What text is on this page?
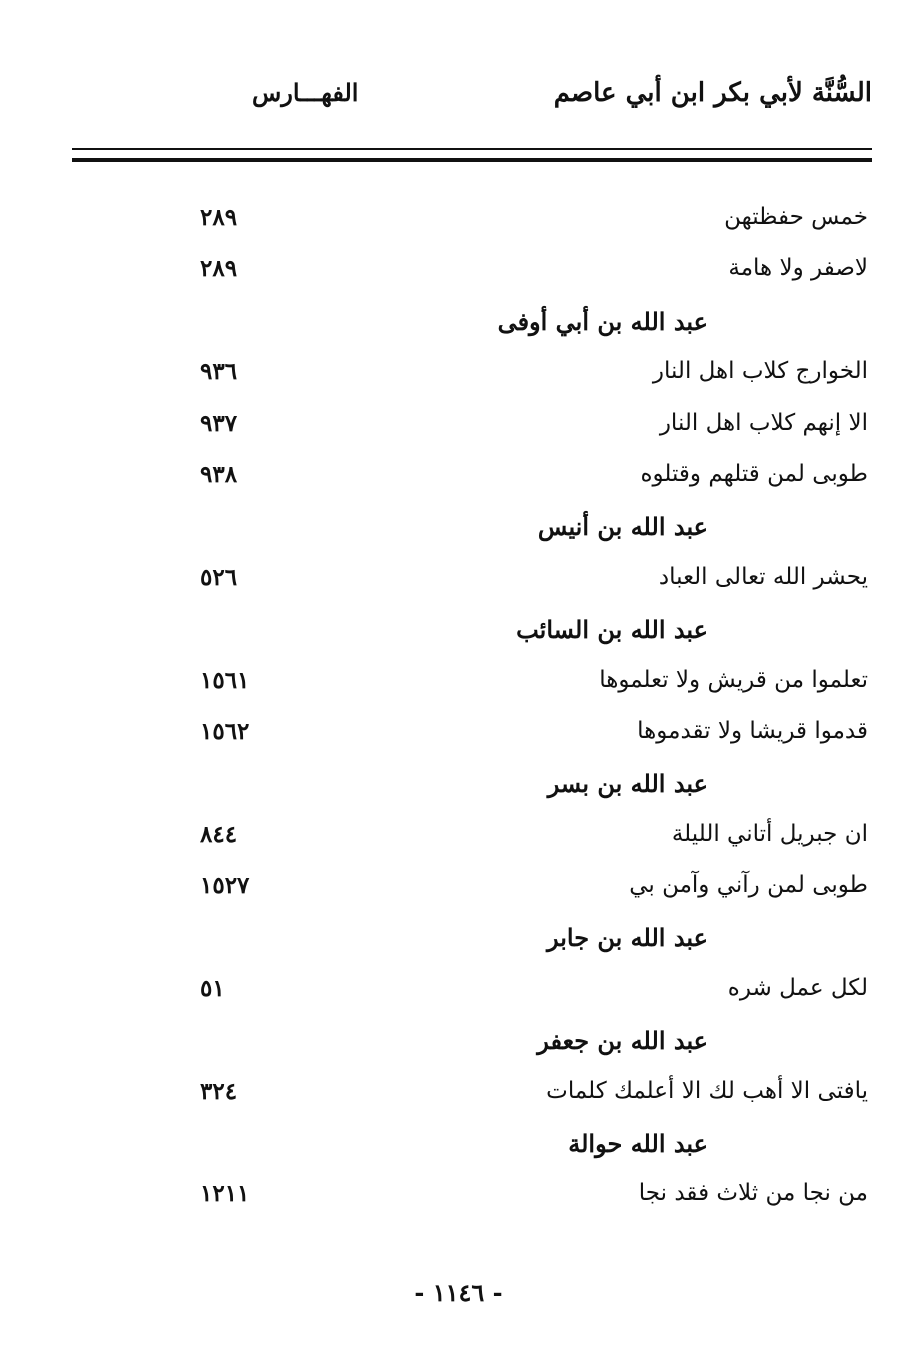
السُّنَّة لأبي بكر ابن أبي عاصم
الفهـــارس
خمس حفظتهن
٢٨٩
لاصفر ولا هامة
٢٨٩
عبد الله بن أبي أوفى
الخوارج كلاب اهل النار
٩٣٦
الا إنهم كلاب اهل النار
٩٣٧
طوبى لمن قتلهم وقتلوه
٩٣٨
عبد الله بن أنيس
يحشر الله تعالى العباد
٥٢٦
عبد الله بن السائب
تعلموا من قريش ولا تعلموها
١٥٦١
قدموا قريشا ولا تقدموها
١٥٦٢
عبد الله بن بسر
ان جبريل أتاني الليلة
٨٤٤
طوبى لمن رآني وآمن بي
١٥٢٧
عبد الله بن جابر
لكل عمل شره
٥١
عبد الله بن جعفر
يافتى الا أهب لك الا أعلمك كلمات
٣٢٤
عبد الله حوالة
من نجا من ثلاث فقد نجا
١٢١١
- ١١٤٦ -
